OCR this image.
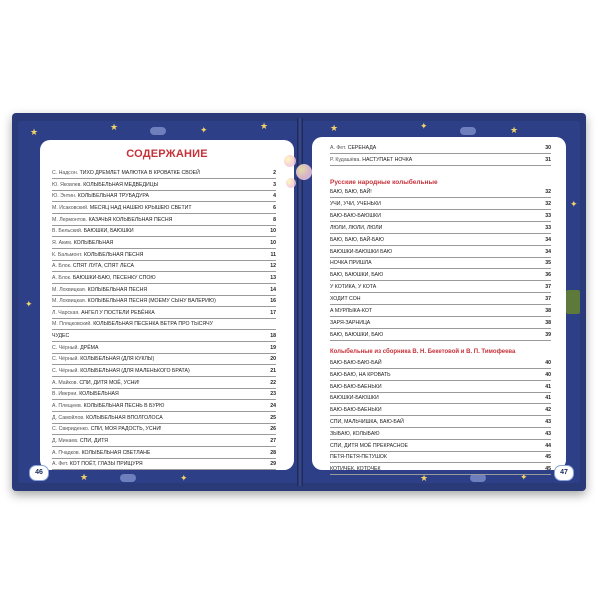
★	★	✦	★
✦
★	✦
★	✦	★
✦
★	✦
СОДЕРЖАНИЕ
С. Надсон. ТИХО ДРЕМЛЕТ МАЛЮТКА В КРОВАТКЕ СВОЕЙ	2
Ю. Яковлев. КОЛЫБЕЛЬНАЯ МЕДВЕДИЦЫ	3
Ю. Энтин. КОЛЫБЕЛЬНАЯ ТРУБАДУРА	4
М. Исаковский. МЕСЯЦ НАД НАШЕЮ КРЫШЕЮ СВЕТИТ	6
М. Лермонтов. КАЗАЧЬЯ КОЛЫБЕЛЬНАЯ ПЕСНЯ	8
В. Бельский. БАЮШКИ, БАЮШКИ	10
Я. Аким. КОЛЫБЕЛЬНАЯ	10
К. Бальмонт. КОЛЫБЕЛЬНАЯ ПЕСНЯ	11
А. Блок. СПЯТ ЛУГА, СПЯТ ЛЕСА	12
А. Блок. БАЮШКИ-БАЮ, ПЕСЕНКУ СПОЮ	13
М. Лохвицкая. КОЛЫБЕЛЬНАЯ ПЕСНЯ	14
М. Лохвицкая. КОЛЫБЕЛЬНАЯ ПЕСНЯ (МОЕМУ СЫНУ ВАЛЕРИЮ)	16
Л. Чарская. АНГЕЛ У ПОСТЕЛИ РЕБЁНКА	17
М. Пляцковский. КОЛЫБЕЛЬНАЯ ПЕСЕНКА ВЕТРА ПРО ТЫСЯЧУ
ЧУДЕС	18
С. Чёрный. ДРЁМА	19
С. Чёрный. КОЛЫБЕЛЬНАЯ (ДЛЯ КУКЛЫ)	20
С. Чёрный. КОЛЫБЕЛЬНАЯ (ДЛЯ МАЛЕНЬКОГО БРАТА)	21
А. Майков. СПИ, ДИТЯ МОЁ, УСНИ!	22
В. Иверни. КОЛЫБЕЛЬНАЯ	23
А. Плещеев. КОЛЫБЕЛЬНАЯ ПЕСНЬ В БУРЮ	24
Д. Самойлов. КОЛЫБЕЛЬНАЯ ВПОЛГОЛОСА	25
С. Свириденко. СПИ, МОЯ РАДОСТЬ, УСНИ!	26
Д. Минаев. СПИ, ДИТЯ	27
А. Пчадков. КОЛЫБЕЛЬНАЯ СВЕТЛАНЕ	28
А. Фет. КОТ ПОЁТ, ГЛАЗЫ ПРИЩУРЯ	29
А. Фет. СЕРЕНАДА	30
Р. Кудашёва. НАСТУПАЕТ НОЧКА	31
БАЮ, БАЮ, БАЙ!	32
УЧИ, УЧИ, УЧЕНЬКИ	32
БАЮ-БАЮ-БАЮШКИ	33
ЛЮЛИ, ЛЮЛИ, ЛЮЛИ	33
БАЮ, БАЮ, БАЙ-БАЮ	34
БАЮШКИ-БАЮШКИ БАЮ	34
НОЧКА ПРИШЛА	35
БАЮ, БАЮШКИ, БАЮ	36
У КОТИКА, У КОТА	37
ХОДИТ СОН	37
А МУРЛЫКА-КОТ	38
ЗАРЯ-ЗАРНИЦА	38
БАЮ, БАЮШКИ, БАЮ	39
БАЮ-БАЮ-БАЮ-БАЙ	40
БАЮ-БАЮ, НА КРОВАТЬ	40
БАЮ-БАЮ-БАЕНЬКИ	41
БАЮШКИ-БАЮШКИ	41
БАЮ-БАЮ-БАЕНЬКИ	42
СПИ, МАЛЬЧИШКА, БАЮ-БАЙ	43
ЗЫБАЮ, КОЛЫБАЮ	43
СПИ, ДИТЯ МОЁ ПРЕКРАСНОЕ	44
ПЕТЯ-ПЕТЯ-ПЕТУШОК	45
КОТИЧЕК, КОТОЧЕК	45
Русские народные колыбельные
Колыбельные из сборника В. Н. Бекетовой и В. П. Тимофеева
46	47
